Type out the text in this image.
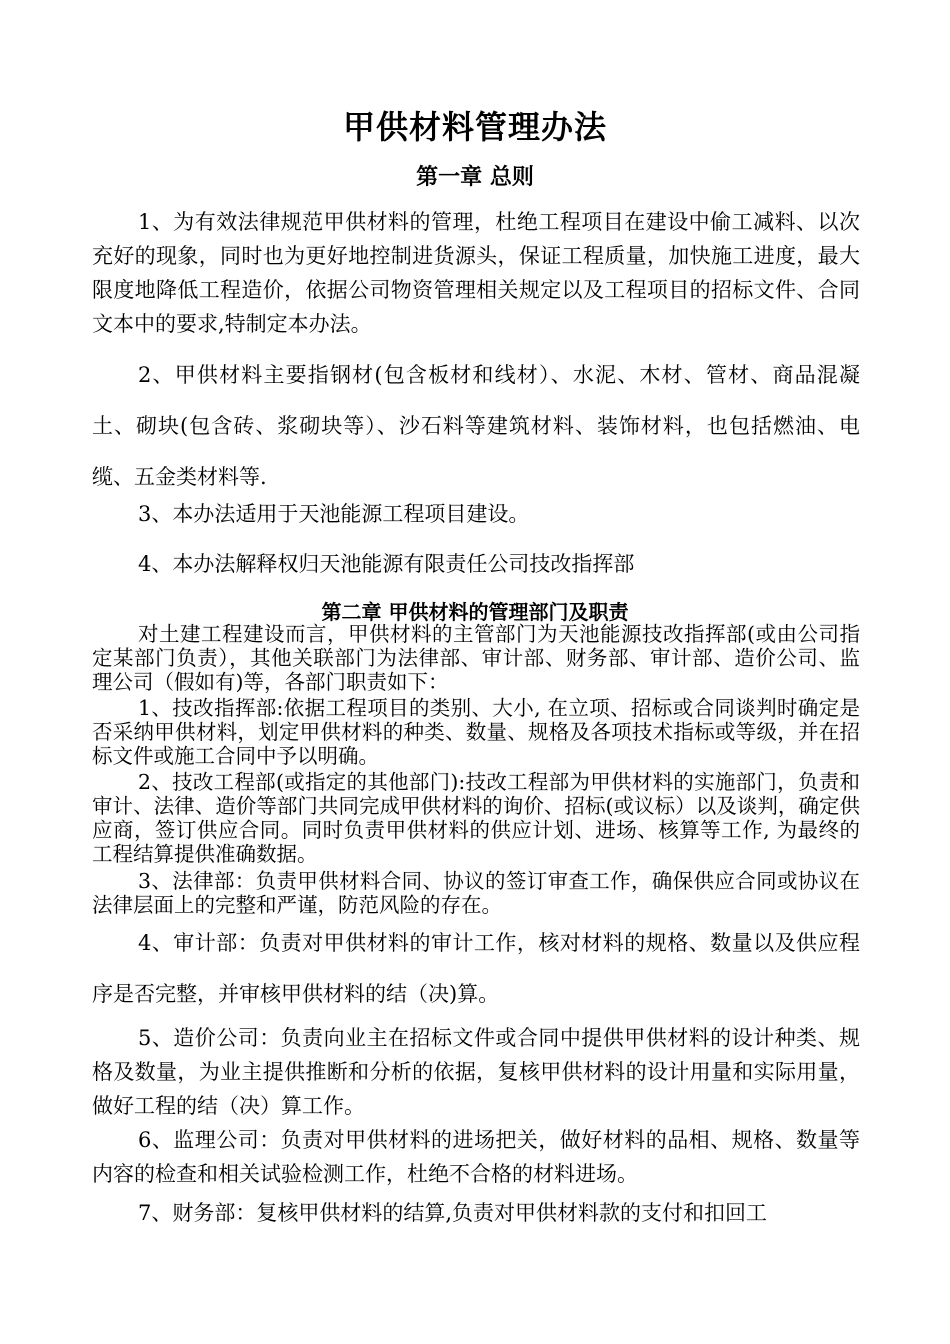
甲供材料管理办法
第一章 总则

1、为有效法律规范甲供材料的管理，杜绝工程项目在建设中偷工减料、以次充好的现象，同时也为更好地控制进货源头，保证工程质量，加快施工进度，最大限度地降低工程造价，依据公司物资管理相关规定以及工程项目的招标文件、合同文本中的要求,特制定本办法。

2、甲供材料主要指钢材(包含板材和线材）、水泥、木材、管材、商品混凝土、砌块(包含砖、浆砌块等）、沙石料等建筑材料、装饰材料，也包括燃油、电缆、五金类材料等.

3、本办法适用于天池能源工程项目建设。

4、本办法解释权归天池能源有限责任公司技改指挥部

第二章 甲供材料的管理部门及职责

对土建工程建设而言，甲供材料的主管部门为天池能源技改指挥部(或由公司指定某部门负责），其他关联部门为法律部、审计部、财务部、审计部、造价公司、监理公司（假如有)等，各部门职责如下：

1、技改指挥部:依据工程项目的类别、大小, 在立项、招标或合同谈判时确定是否采纳甲供材料，划定甲供材料的种类、数量、规格及各项技术指标或等级，并在招标文件或施工合同中予以明确。

2、技改工程部(或指定的其他部门):技改工程部为甲供材料的实施部门，负责和审计、法律、造价等部门共同完成甲供材料的询价、招标(或议标）以及谈判，确定供应商，签订供应合同。同时负责甲供材料的供应计划、进场、核算等工作, 为最终的工程结算提供准确数据。

3、法律部：负责甲供材料合同、协议的签订审查工作，确保供应合同或协议在法律层面上的完整和严谨，防范风险的存在。

4、审计部：负责对甲供材料的审计工作，核对材料的规格、数量以及供应程序是否完整，并审核甲供材料的结（决)算。

5、造价公司：负责向业主在招标文件或合同中提供甲供材料的设计种类、规格及数量，为业主提供推断和分析的依据，复核甲供材料的设计用量和实际用量，做好工程的结（决）算工作。

6、监理公司：负责对甲供材料的进场把关，做好材料的品相、规格、数量等内容的检查和相关试验检测工作，杜绝不合格的材料进场。

7、财务部：复核甲供材料的结算,负责对甲供材料款的支付和扣回工
